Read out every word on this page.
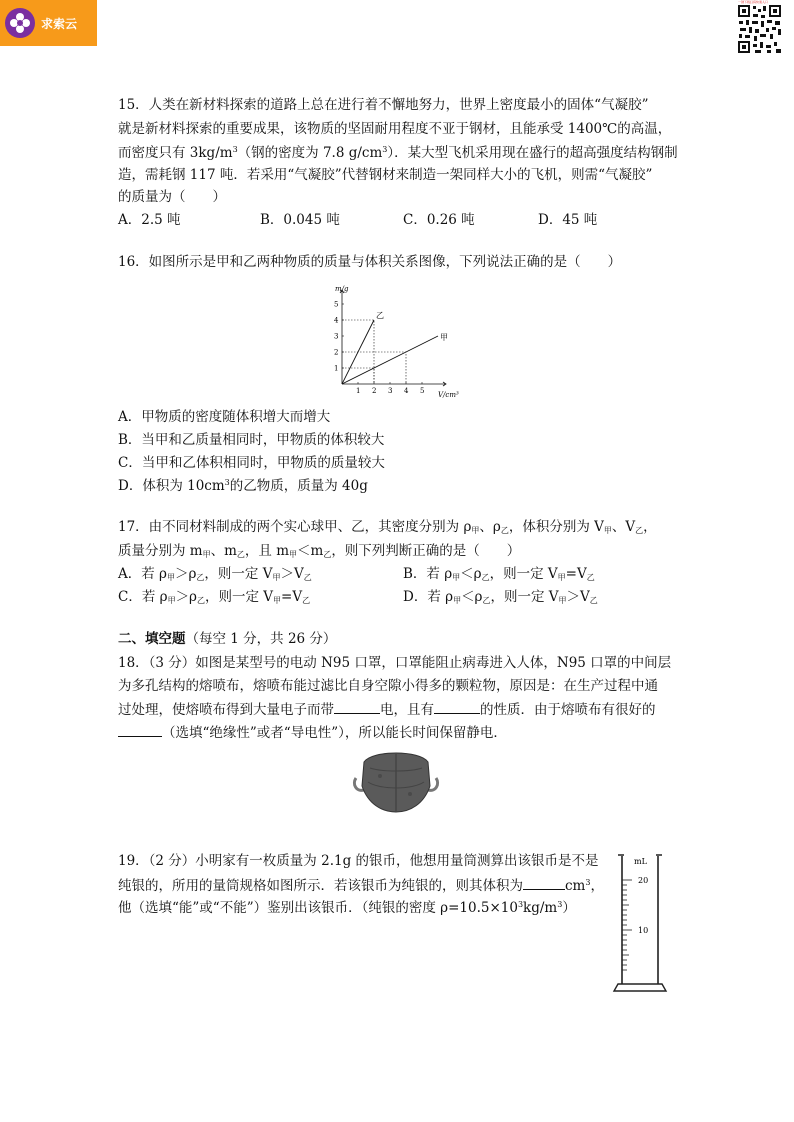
求索云
一键下载扫码快速入口
15．人类在新材料探索的道路上总在进行着不懈地努力，世界上密度最小的固体“气凝胶”
就是新材料探索的重要成果，该物质的坚固耐用程度不亚于钢材，且能承受 1400℃的高温，
而密度只有 $3kg/m^3$（钢的密度为 7.8 $g/cm^3$）．某大型飞机采用现在盛行的超高强度结构钢制
造，需耗钢 117 吨．若采用“气凝胶”代替钢材来制造一架同样大小的飞机，则需“气凝胶”
的质量为（　　）
A．2.5 吨	B．0.045 吨	C．0.26 吨	D．45 吨
16．如图所示是甲和乙两种物质的质量与体积关系图像，下列说法正确的是（　　）
1 2 3 4 5
1
2
3
4
5
乙
甲
m/g
V/cm³
A．甲物质的密度随体积增大而增大
B．当甲和乙质量相同时，甲物质的体积较大
C．当甲和乙体积相同时，甲物质的质量较大
D．体积为 $10cm^3$的乙物质，质量为 40g
17．由不同材料制成的两个实心球甲、乙，其密度分别为 $\rho_甲$、$\rho_乙$，体积分别为 $V_甲$、$V_乙$，
质量分别为 $m_甲$、$m_乙$，且 $m_甲<m_乙$，则下列判断正确的是（　　）
A．若 $\rho_甲>\rho_乙$，则一定 $V_甲>V_乙$	B．若 $\rho_甲<\rho_乙$，则一定 $V_甲=V_乙$
C．若 $\rho_甲>\rho_乙$，则一定 $V_甲=V_乙$	D．若 $\rho_甲<\rho_乙$，则一定 $V_甲>V_乙$
二、填空题（每空 1 分，共 26 分）
18．（3 分）如图是某型号的电动 N95 口罩，口罩能阻止病毒进入人体，N95 口罩的中间层
为多孔结构的熔喷布，熔喷布能过滤比自身空隙小得多的颗粒物，原因是：在生产过程中通
过处理，使熔喷布得到大量电子而带	电，且有	的性质．由于熔喷布有很好的
（选填“绝缘性”或者“导电性”），所以能长时间保留静电．
19．（2 分）小明家有一枚质量为 2.1g 的银币，他想用量筒测算出该银币是不是
纯银的，所用的量筒规格如图所示．若该银币为纯银的，则其体积为	$cm^3$，
他（选填“能”或“不能”）鉴别出该银币．（纯银的密度 $\rho=10.5\times 10^3kg/m^3$）
mL
20
10
